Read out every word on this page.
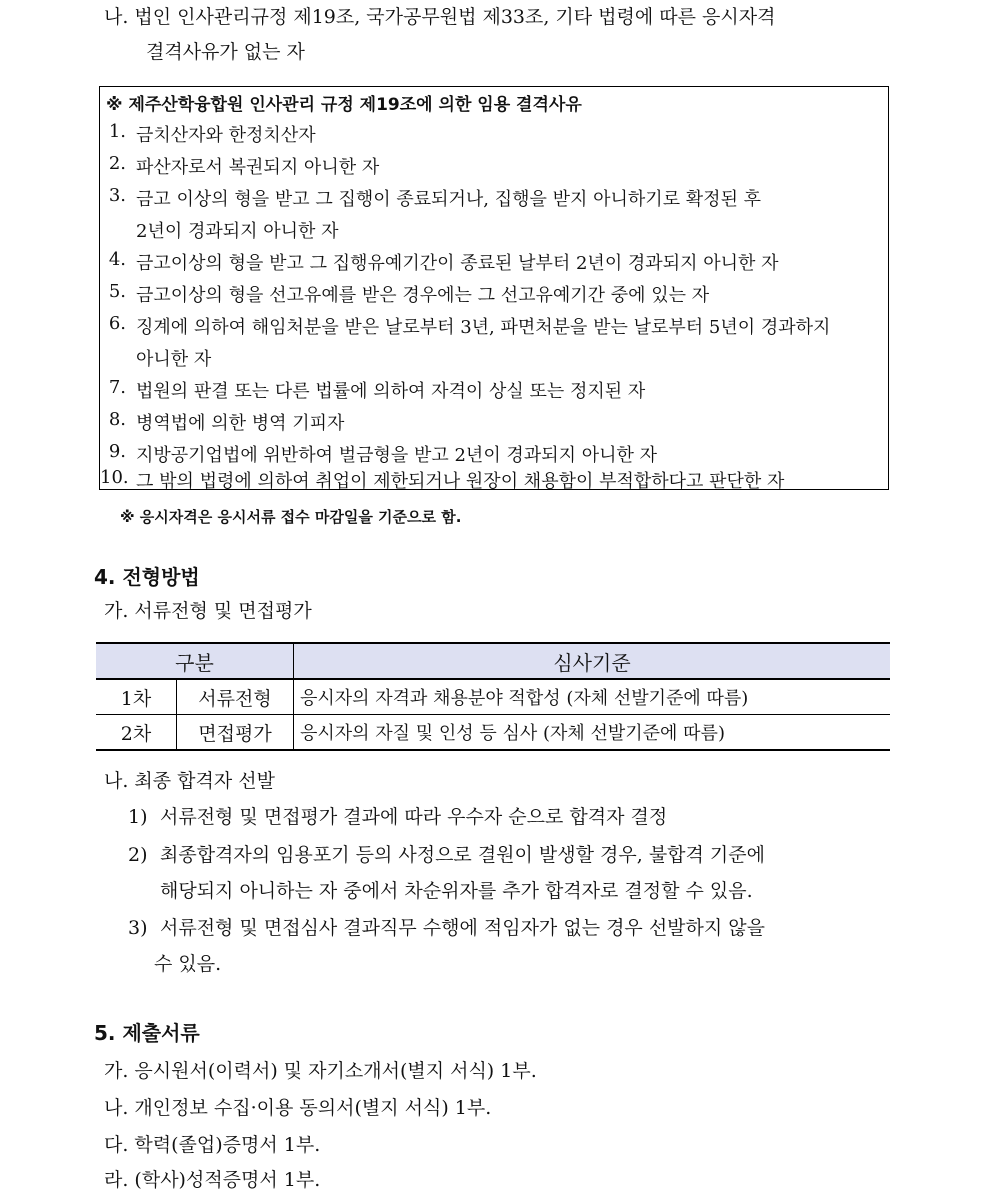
나. 법인 인사관리규정 제19조, 국가공무원법 제33조, 기타 법령에 따른 응시자격
결격사유가 없는 자
※ 제주산학융합원 인사관리 규정 제19조에 의한 임용 결격사유
1. 금치산자와 한정치산자
2. 파산자로서 복권되지 아니한 자
3. 금고 이상의 형을 받고 그 집행이 종료되거나, 집행을 받지 아니하기로 확정된 후
2년이 경과되지 아니한 자
4. 금고이상의 형을 받고 그 집행유예기간이 종료된 날부터 2년이 경과되지 아니한 자
5. 금고이상의 형을 선고유예를 받은 경우에는 그 선고유예기간 중에 있는 자
6. 징계에 의하여 해임처분을 받은 날로부터 3년, 파면처분을 받는 날로부터 5년이 경과하지
아니한 자
7. 법원의 판결 또는 다른 법률에 의하여 자격이 상실 또는 정지된 자
8. 병역법에 의한 병역 기피자
9. 지방공기업법에 위반하여 벌금형을 받고 2년이 경과되지 아니한 자
10. 그 밖의 법령에 의하여 취업이 제한되거나 원장이 채용함이 부적합하다고 판단한 자
※ 응시자격은 응시서류 접수 마감일을 기준으로 함.
4. 전형방법
가. 서류전형 및 면접평가
구분		심사기준
1차	서류전형	응시자의 자격과 채용분야 적합성 (자체 선발기준에 따름)
2차	면접평가	응시자의 자질 및 인성 등 심사 (자체 선발기준에 따름)
나. 최종 합격자 선발
1) 서류전형 및 면접평가 결과에 따라 우수자 순으로 합격자 결정
2) 최종합격자의 임용포기 등의 사정으로 결원이 발생할 경우, 불합격 기준에
해당되지 아니하는 자 중에서 차순위자를 추가 합격자로 결정할 수 있음.
3) 서류전형 및 면접심사 결과직무 수행에 적임자가 없는 경우 선발하지 않을
수 있음.
5. 제출서류
가. 응시원서(이력서) 및 자기소개서(별지 서식) 1부.
나. 개인정보 수집·이용 동의서(별지 서식) 1부.
다. 학력(졸업)증명서 1부.
라. (학사)성적증명서 1부.
